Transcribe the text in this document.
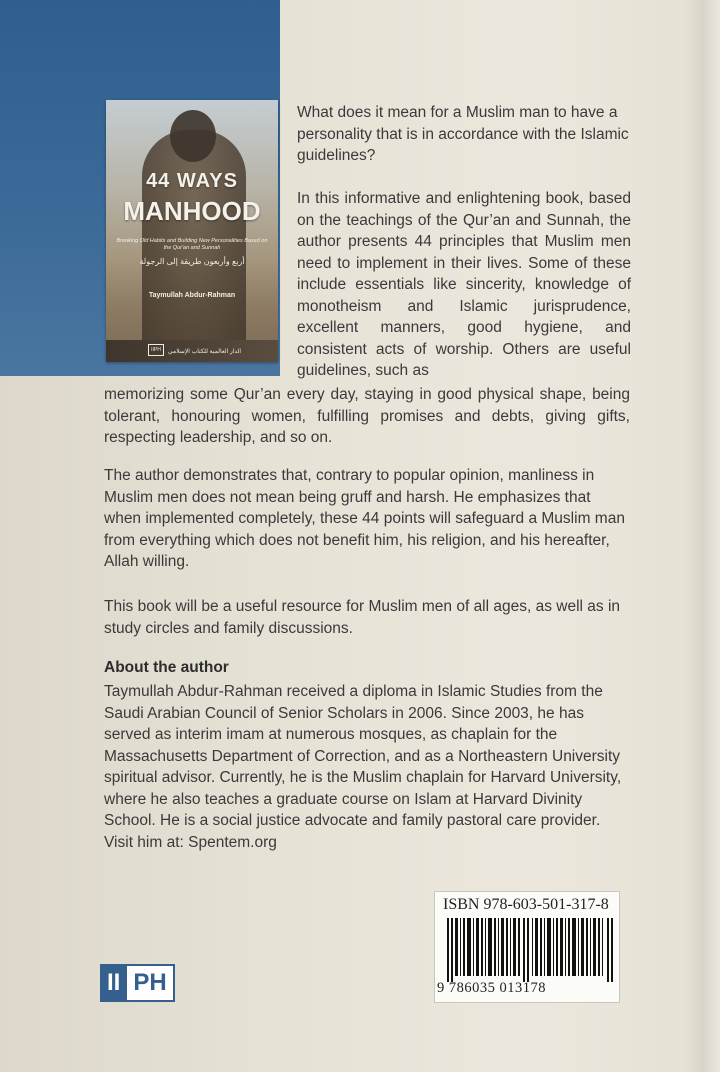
44 WAYS
MANHOOD
Breaking Old Habits and Building New Personalities Based on the Qur'an and Sunnah
أربع وأربعون طريقة إلى الرجولة
Taymullah Abdur-Rahman
IIPH	الدار العالمية للكتاب الإسلامي
What does it mean for a Muslim man to have a personality that is in accordance with the Islamic guidelines?
In this informative and enlightening book, based on the teachings of the Qur’an and Sunnah, the author presents 44 principles that Muslim men need to implement in their lives. Some of these include essentials like sincerity, knowledge of monotheism and Islamic jurisprudence, excellent manners, good hygiene, and consistent acts of worship. Others are useful guidelines, such as
memorizing some Qur’an every day, staying in good physical shape, being tolerant, honouring women, fulfilling promises and debts, giving gifts, respecting leadership, and so on.
The author demonstrates that, contrary to popular opinion, manliness in Muslim men does not mean being gruff and harsh. He emphasizes that when implemented completely, these 44 points will safeguard a Muslim man from everything which does not benefit him, his religion, and his hereafter, Allah willing.
This book will be a useful resource for Muslim men of all ages, as well as in study circles and family discussions.
About the author
Taymullah Abdur-Rahman received a diploma in Islamic Studies from the Saudi Arabian Council of Senior Scholars in 2006. Since 2003, he has served as interim imam at numerous mosques, as chaplain for the Massachusetts Department of Correction, and as a Northeastern University spiritual advisor. Currently, he is the Muslim chaplain for Harvard University, where he also teaches a graduate course on Islam at Harvard Divinity School. He is a social justice advocate and family pastoral care provider. Visit him at: Spentem.org
ISBN 978-603-501-317-8
9 786035 013178
II PH
